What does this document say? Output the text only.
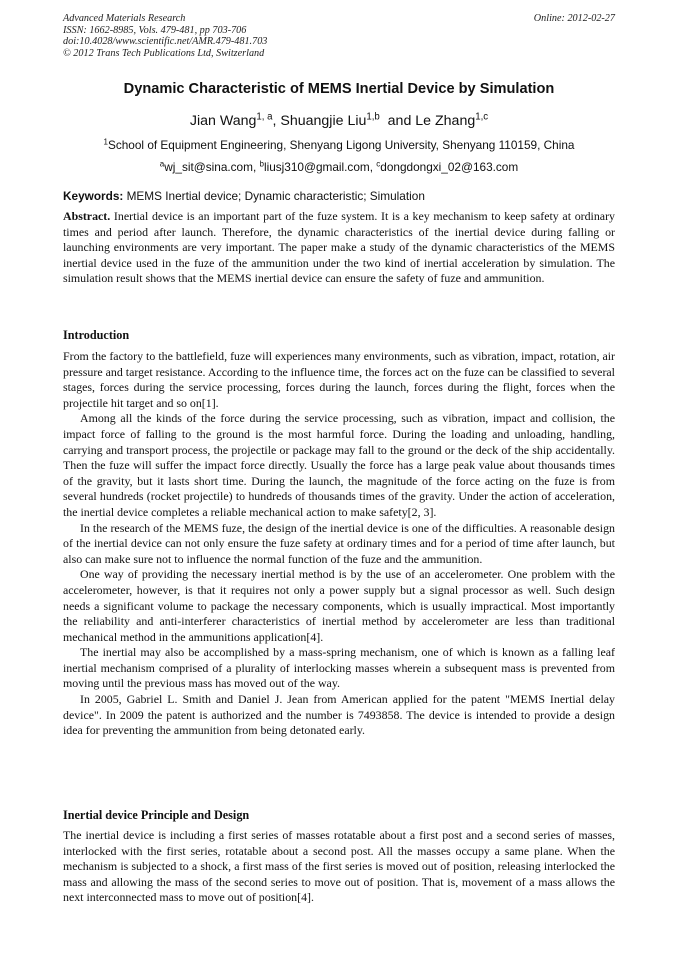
Advanced Materials Research
ISSN: 1662-8985, Vols. 479-481, pp 703-706
doi:10.4028/www.scientific.net/AMR.479-481.703
© 2012 Trans Tech Publications Ltd, Switzerland
Online: 2012-02-27
Dynamic Characteristic of MEMS Inertial Device by Simulation
Jian Wang$^{1, a}$, Shuangjie Liu$^{1,b}$  and Le Zhang$^{1,c}$
$^1$School of Equipment Engineering, Shenyang Ligong University, Shenyang 110159, China
$^a$wj_sit@sina.com, $^b$liusj310@gmail.com, $^c$dongdongxi_02@163.com
Keywords: MEMS Inertial device; Dynamic characteristic; Simulation

Abstract. Inertial device is an important part of the fuze system. It is a key mechanism to keep safety at ordinary times and period after launch. Therefore, the dynamic characteristics of the inertial device during falling or launching environments are very important. The paper make a study of the dynamic characteristics of the MEMS inertial device used in the fuze of the ammunition under the two kind of inertial acceleration by simulation. The simulation result shows that the MEMS inertial device can ensure the safety of fuze and ammunition.

Introduction

From the factory to the battlefield, fuze will experiences many environments, such as vibration, impact, rotation, air pressure and target resistance. According to the influence time, the forces act on the fuze can be classified to several stages, forces during the service processing, forces during the launch, forces during the flight, forces when the projectile hit target and so on[1].

Among all the kinds of the force during the service processing, such as vibration, impact and collision, the impact force of falling to the ground is the most harmful force. During the loading and unloading, handling, carrying and transport process, the projectile or package may fall to the ground or the deck of the ship accidentally. Then the fuze will suffer the impact force directly. Usually the force has a large peak value about thousands times of the gravity, but it lasts short time. During the launch, the magnitude of the force acting on the fuze is from several hundreds (rocket projectile) to hundreds of thousands times of the gravity. Under the action of acceleration, the inertial device completes a reliable mechanical action to make safety[2, 3].

In the research of the MEMS fuze, the design of the inertial device is one of the difficulties. A reasonable design of the inertial device can not only ensure the fuze safety at ordinary times and for a period of time after launch, but also can make sure not to influence the normal function of the fuze and the ammunition.

One way of providing the necessary inertial method is by the use of an accelerometer. One problem with the accelerometer, however, is that it requires not only a power supply but a signal processor as well. Such design needs a significant volume to package the necessary components, which is usually impractical. Most importantly the reliability and anti-interferer characteristics of inertial method by accelerometer are less than traditional mechanical method in the ammunitions application[4].

The inertial may also be accomplished by a mass-spring mechanism, one of which is known as a falling leaf inertial mechanism comprised of a plurality of interlocking masses wherein a subsequent mass is prevented from moving until the previous mass has moved out of the way.

In 2005, Gabriel L. Smith and Daniel J. Jean from American applied for the patent "MEMS Inertial delay device". In 2009 the patent is authorized and the number is 7493858. The device is intended to provide a design idea for preventing the ammunition from being detonated early.

Inertial device Principle and Design

The inertial device is including a first series of masses rotatable about a first post and a second series of masses, interlocked with the first series, rotatable about a second post. All the masses occupy a same plane. When the mechanism is subjected to a shock, a first mass of the first series is moved out of position, releasing interlocked the mass and allowing the mass of the second series to move out of position. That is, movement of a mass allows the next interconnected mass to move out of position[4].
